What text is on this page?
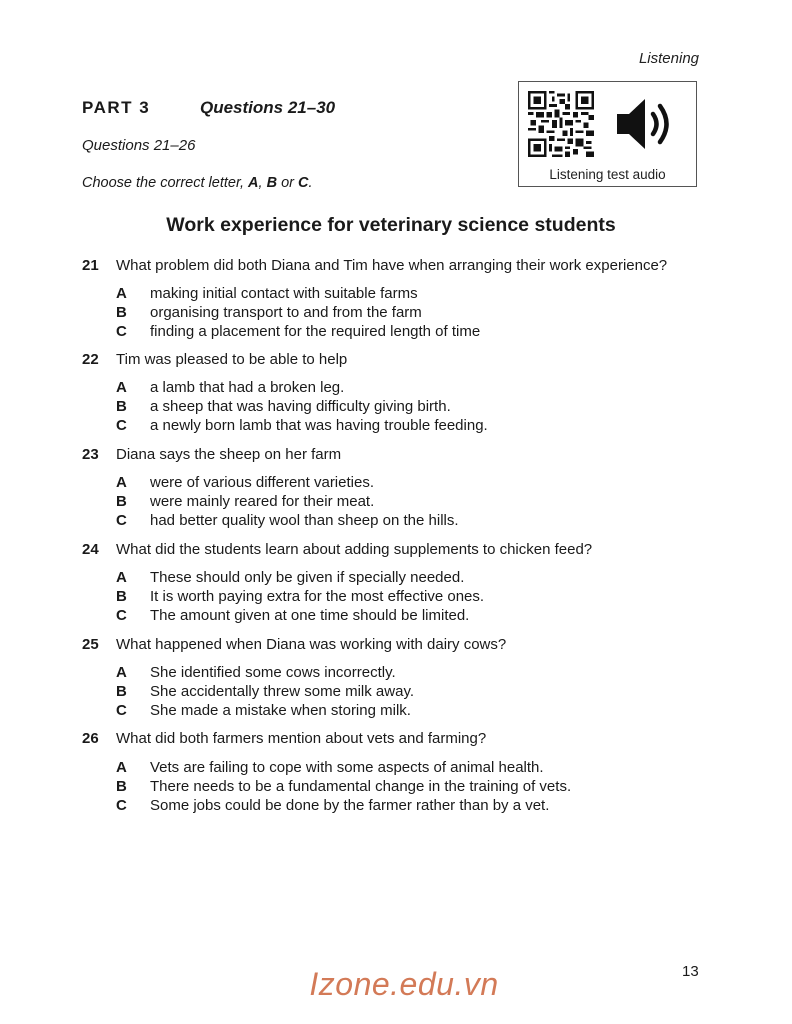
Listening
PART 3	Questions 21–30
Questions 21–26
Choose the correct letter, A, B or C.
Listening test audio
Work experience for veterinary science students
21 What problem did both Diana and Tim have when arranging their work experience?
A making initial contact with suitable farms
B organising transport to and from the farm
C finding a placement for the required length of time
22 Tim was pleased to be able to help
A a lamb that had a broken leg.
B a sheep that was having difficulty giving birth.
C a newly born lamb that was having trouble feeding.
23 Diana says the sheep on her farm
A were of various different varieties.
B were mainly reared for their meat.
C had better quality wool than sheep on the hills.
24 What did the students learn about adding supplements to chicken feed?
A These should only be given if specially needed.
B It is worth paying extra for the most effective ones.
C The amount given at one time should be limited.
25 What happened when Diana was working with dairy cows?
A She identified some cows incorrectly.
B She accidentally threw some milk away.
C She made a mistake when storing milk.
26 What did both farmers mention about vets and farming?
A Vets are failing to cope with some aspects of animal health.
B There needs to be a fundamental change in the training of vets.
C Some jobs could be done by the farmer rather than by a vet.
13
Izone.edu.vn
